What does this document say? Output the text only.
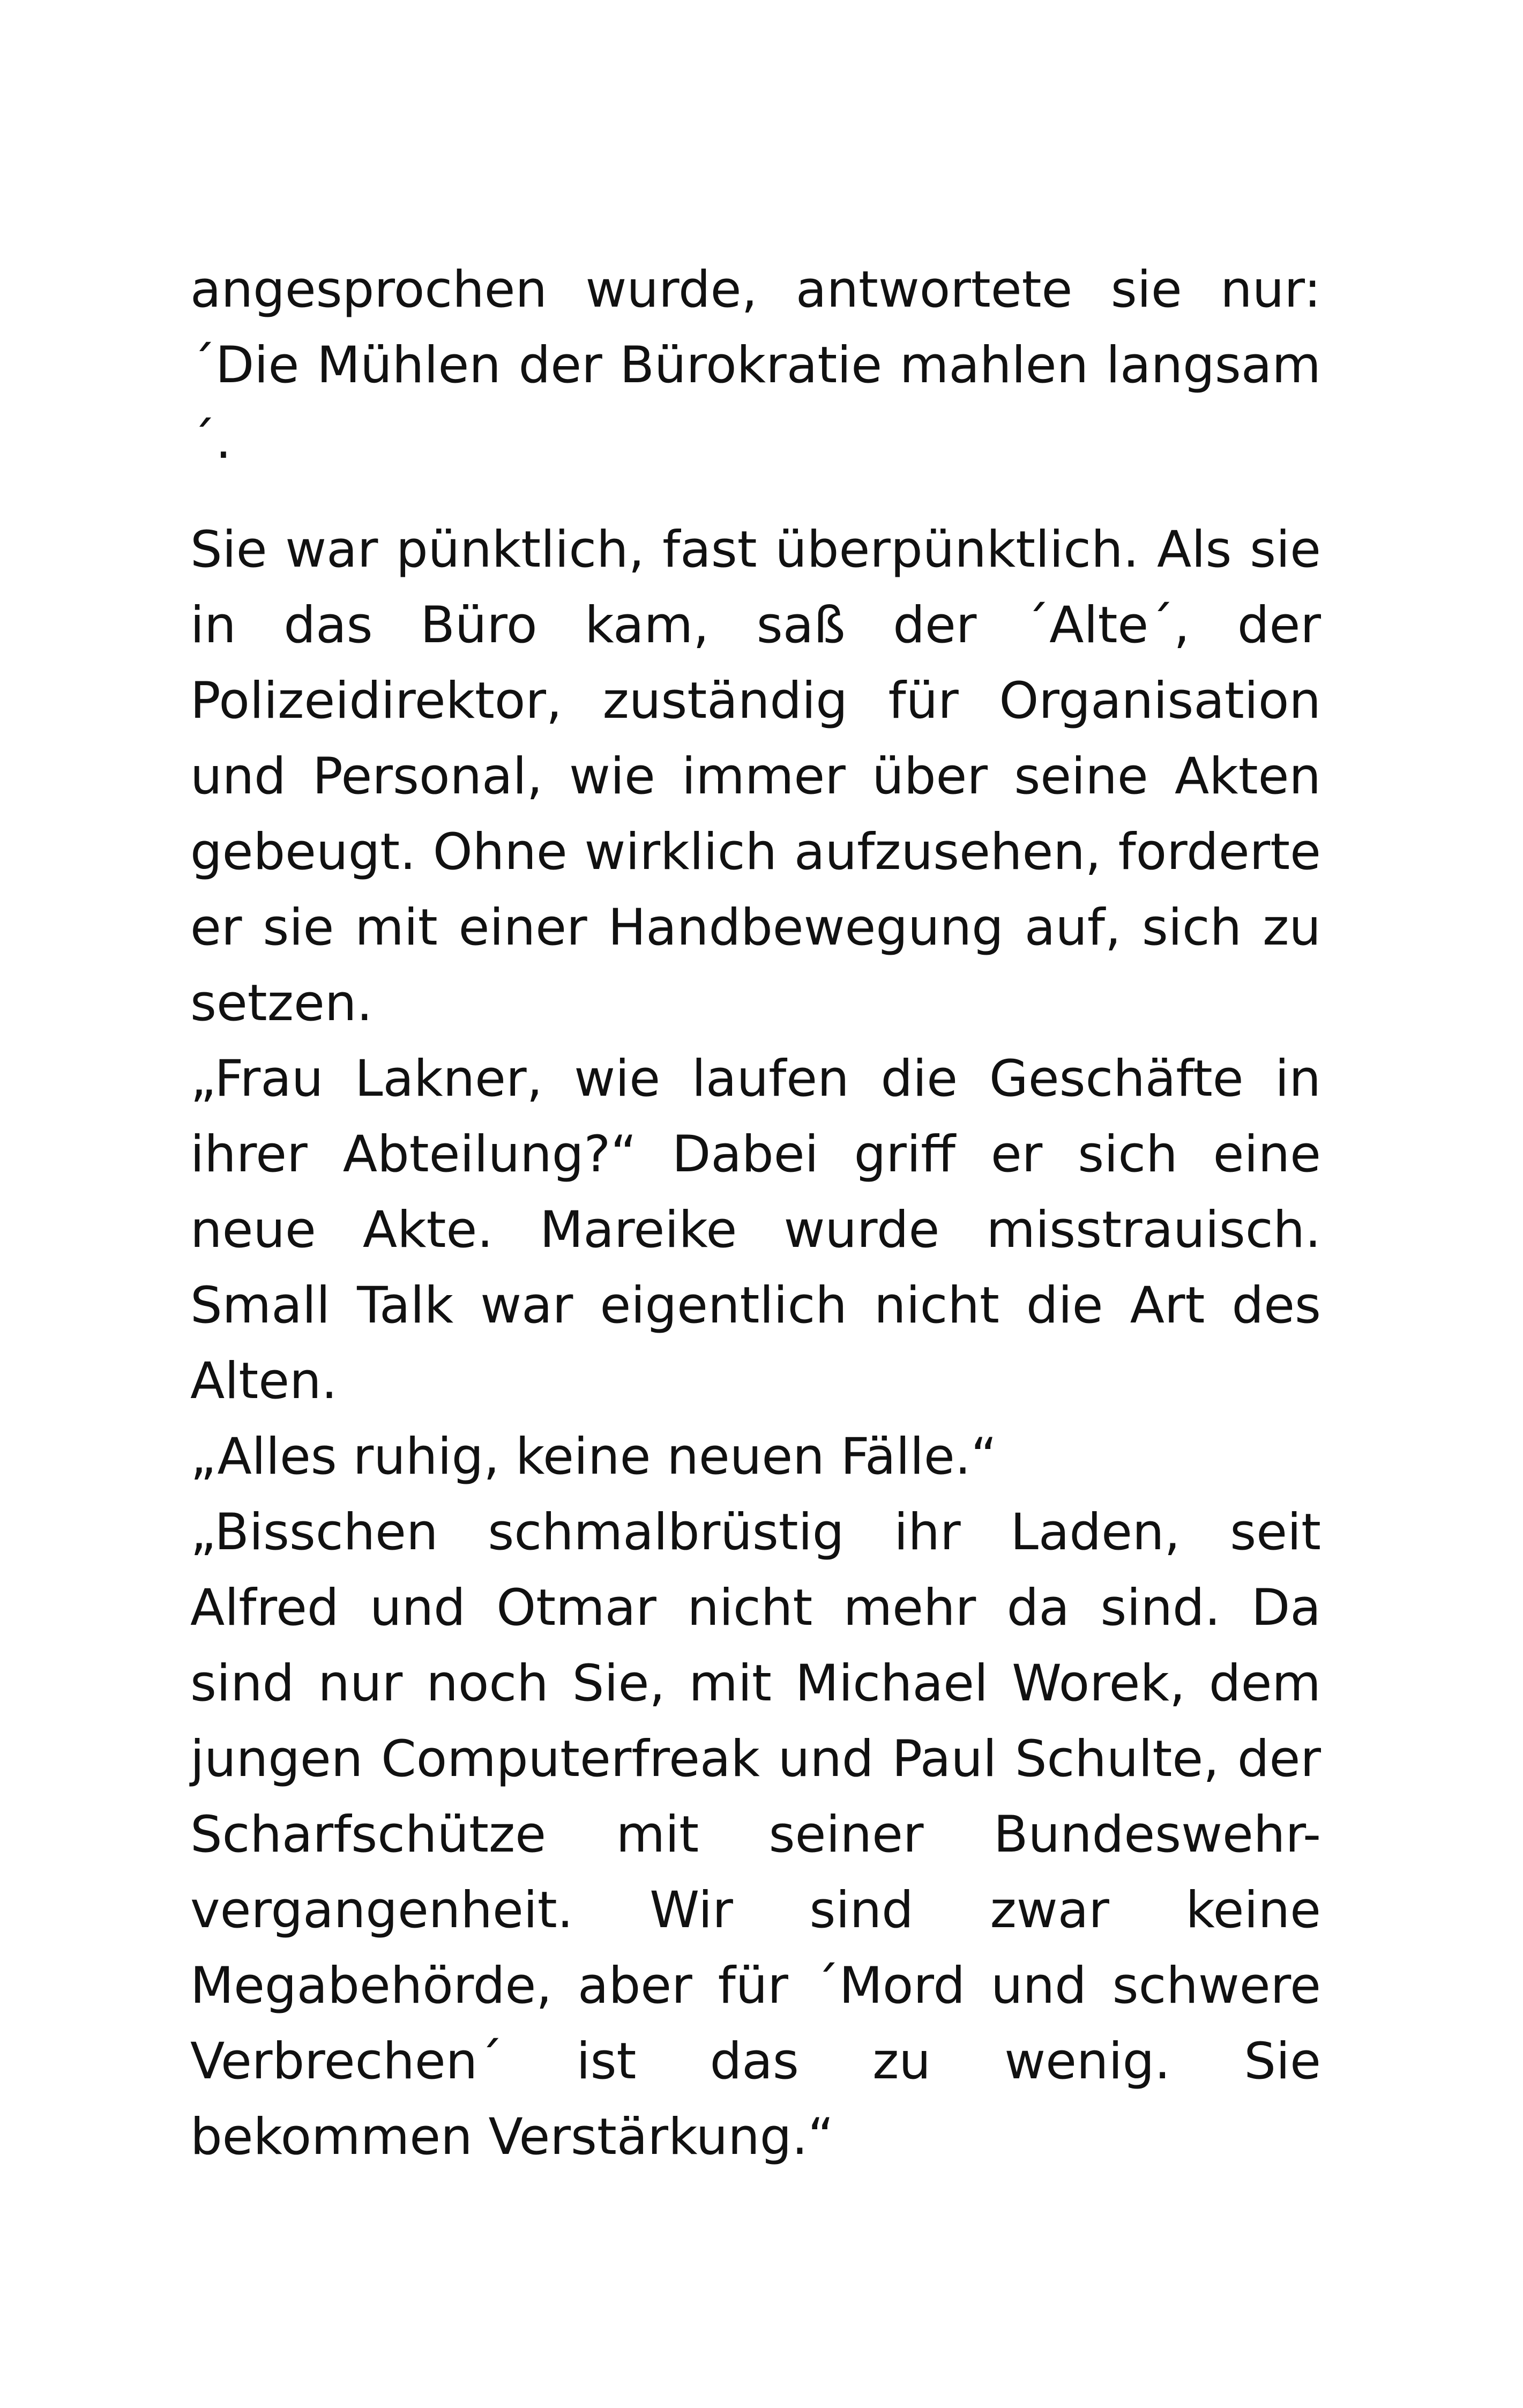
angesprochen wurde, antwortete sie nur: ´Die Mühlen der Bürokratie mahlen langsam´.

Sie war pünktlich, fast überpünktlich. Als sie in das Büro kam, saß der ´Alte´, der Polizeidirektor, zuständig für Organisation und Personal, wie immer über seine Akten gebeugt. Ohne wirklich aufzusehen, forderte er sie mit einer Handbewegung auf, sich zu setzen.

„Frau Lakner, wie laufen die Geschäfte in ihrer Abteilung?“ Dabei griff er sich eine neue Akte. Mareike wurde misstrauisch. Small Talk war eigentlich nicht die Art des Alten.

„Alles ruhig, keine neuen Fälle.“

„Bisschen schmalbrüstig ihr Laden, seit Alfred und Otmar nicht mehr da sind. Da sind nur noch Sie, mit Michael Worek, dem jungen Computerfreak und Paul Schulte, der Scharfschütze mit seiner Bundeswehr-vergangenheit. Wir sind zwar keine Megabehörde, aber für ´Mord und schwere Verbrechen´ ist das zu wenig. Sie bekommen Verstärkung.“
